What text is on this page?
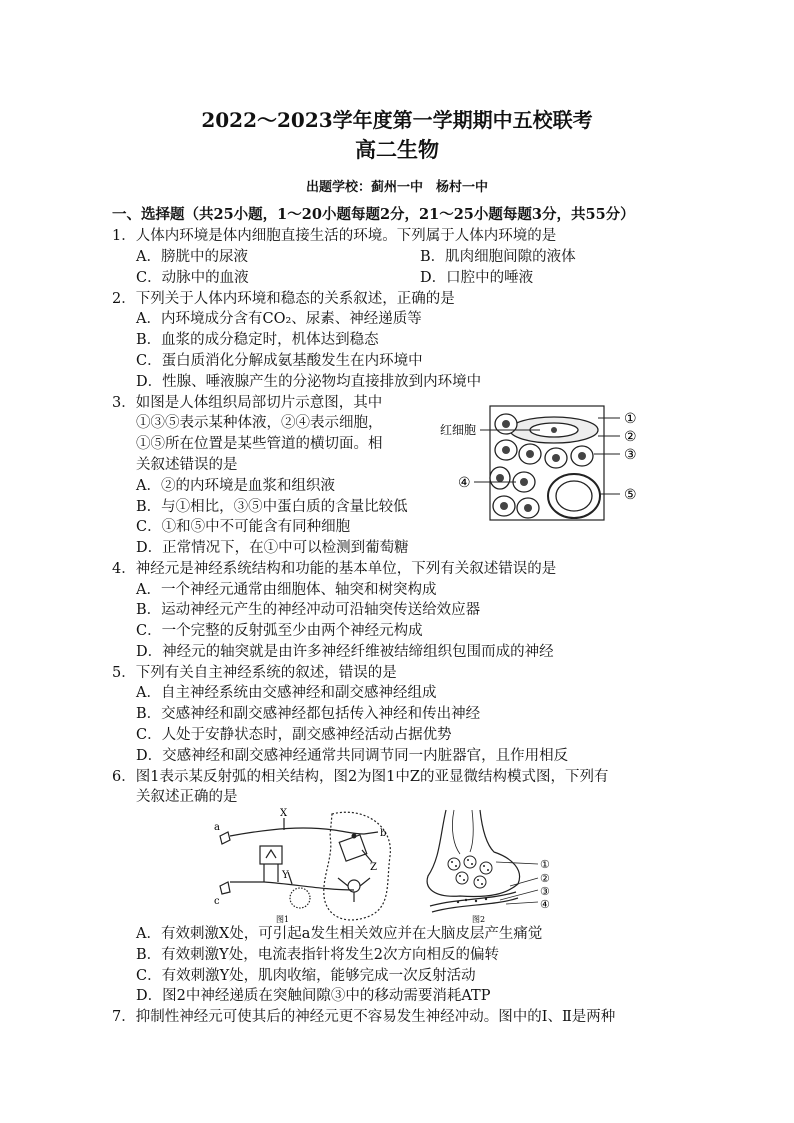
2022～2023学年度第一学期期中五校联考
高二生物
出题学校：蓟州一中　杨村一中
一、选择题（共25小题，1～20小题每题2分，21～25小题每题3分，共55分）
1．人体内环境是体内细胞直接生活的环境。下列属于人体内环境的是
A．膀胱中的尿液	B．肌肉细胞间隙的液体
C．动脉中的血液	D．口腔中的唾液
2．下列关于人体内环境和稳态的关系叙述，正确的是
A．内环境成分含有CO₂、尿素、神经递质等
B．血浆的成分稳定时，机体达到稳态
C．蛋白质消化分解成氨基酸发生在内环境中
D．性腺、唾液腺产生的分泌物均直接排放到内环境中
3．如图是人体组织局部切片示意图，其中
①③⑤表示某种体液，②④表示细胞，
①⑤所在位置是某些管道的横切面。相
关叙述错误的是
A．②的内环境是血浆和组织液
B．与①相比，③⑤中蛋白质的含量比较低
C．①和⑤中不可能含有同种细胞
D．正常情况下，在①中可以检测到葡萄糖
红细胞
①
②
③
④
⑤
4．神经元是神经系统结构和功能的基本单位，下列有关叙述错误的是
A．一个神经元通常由细胞体、轴突和树突构成
B．运动神经元产生的神经冲动可沿轴突传送给效应器
C．一个完整的反射弧至少由两个神经元构成
D．神经元的轴突就是由许多神经纤维被结缔组织包围而成的神经
5．下列有关自主神经系统的叙述，错误的是
A．自主神经系统由交感神经和副交感神经组成
B．交感神经和副交感神经都包括传入神经和传出神经
C．人处于安静状态时，副交感神经活动占据优势
D．交感神经和副交感神经通常共同调节同一内脏器官，且作用相反
6．图1表示某反射弧的相关结构，图2为图1中Z的亚显微结构模式图，下列有
关叙述正确的是
X
Y
Z
a
b
c
图1
①
②
③
④
图2
A．有效刺激X处，可引起a发生相关效应并在大脑皮层产生痛觉
B．有效刺激Y处，电流表指针将发生2次方向相反的偏转
C．有效刺激Y处，肌肉收缩，能够完成一次反射活动
D．图2中神经递质在突触间隙③中的移动需要消耗ATP
7．抑制性神经元可使其后的神经元更不容易发生神经冲动。图中的Ⅰ、Ⅱ是两种
